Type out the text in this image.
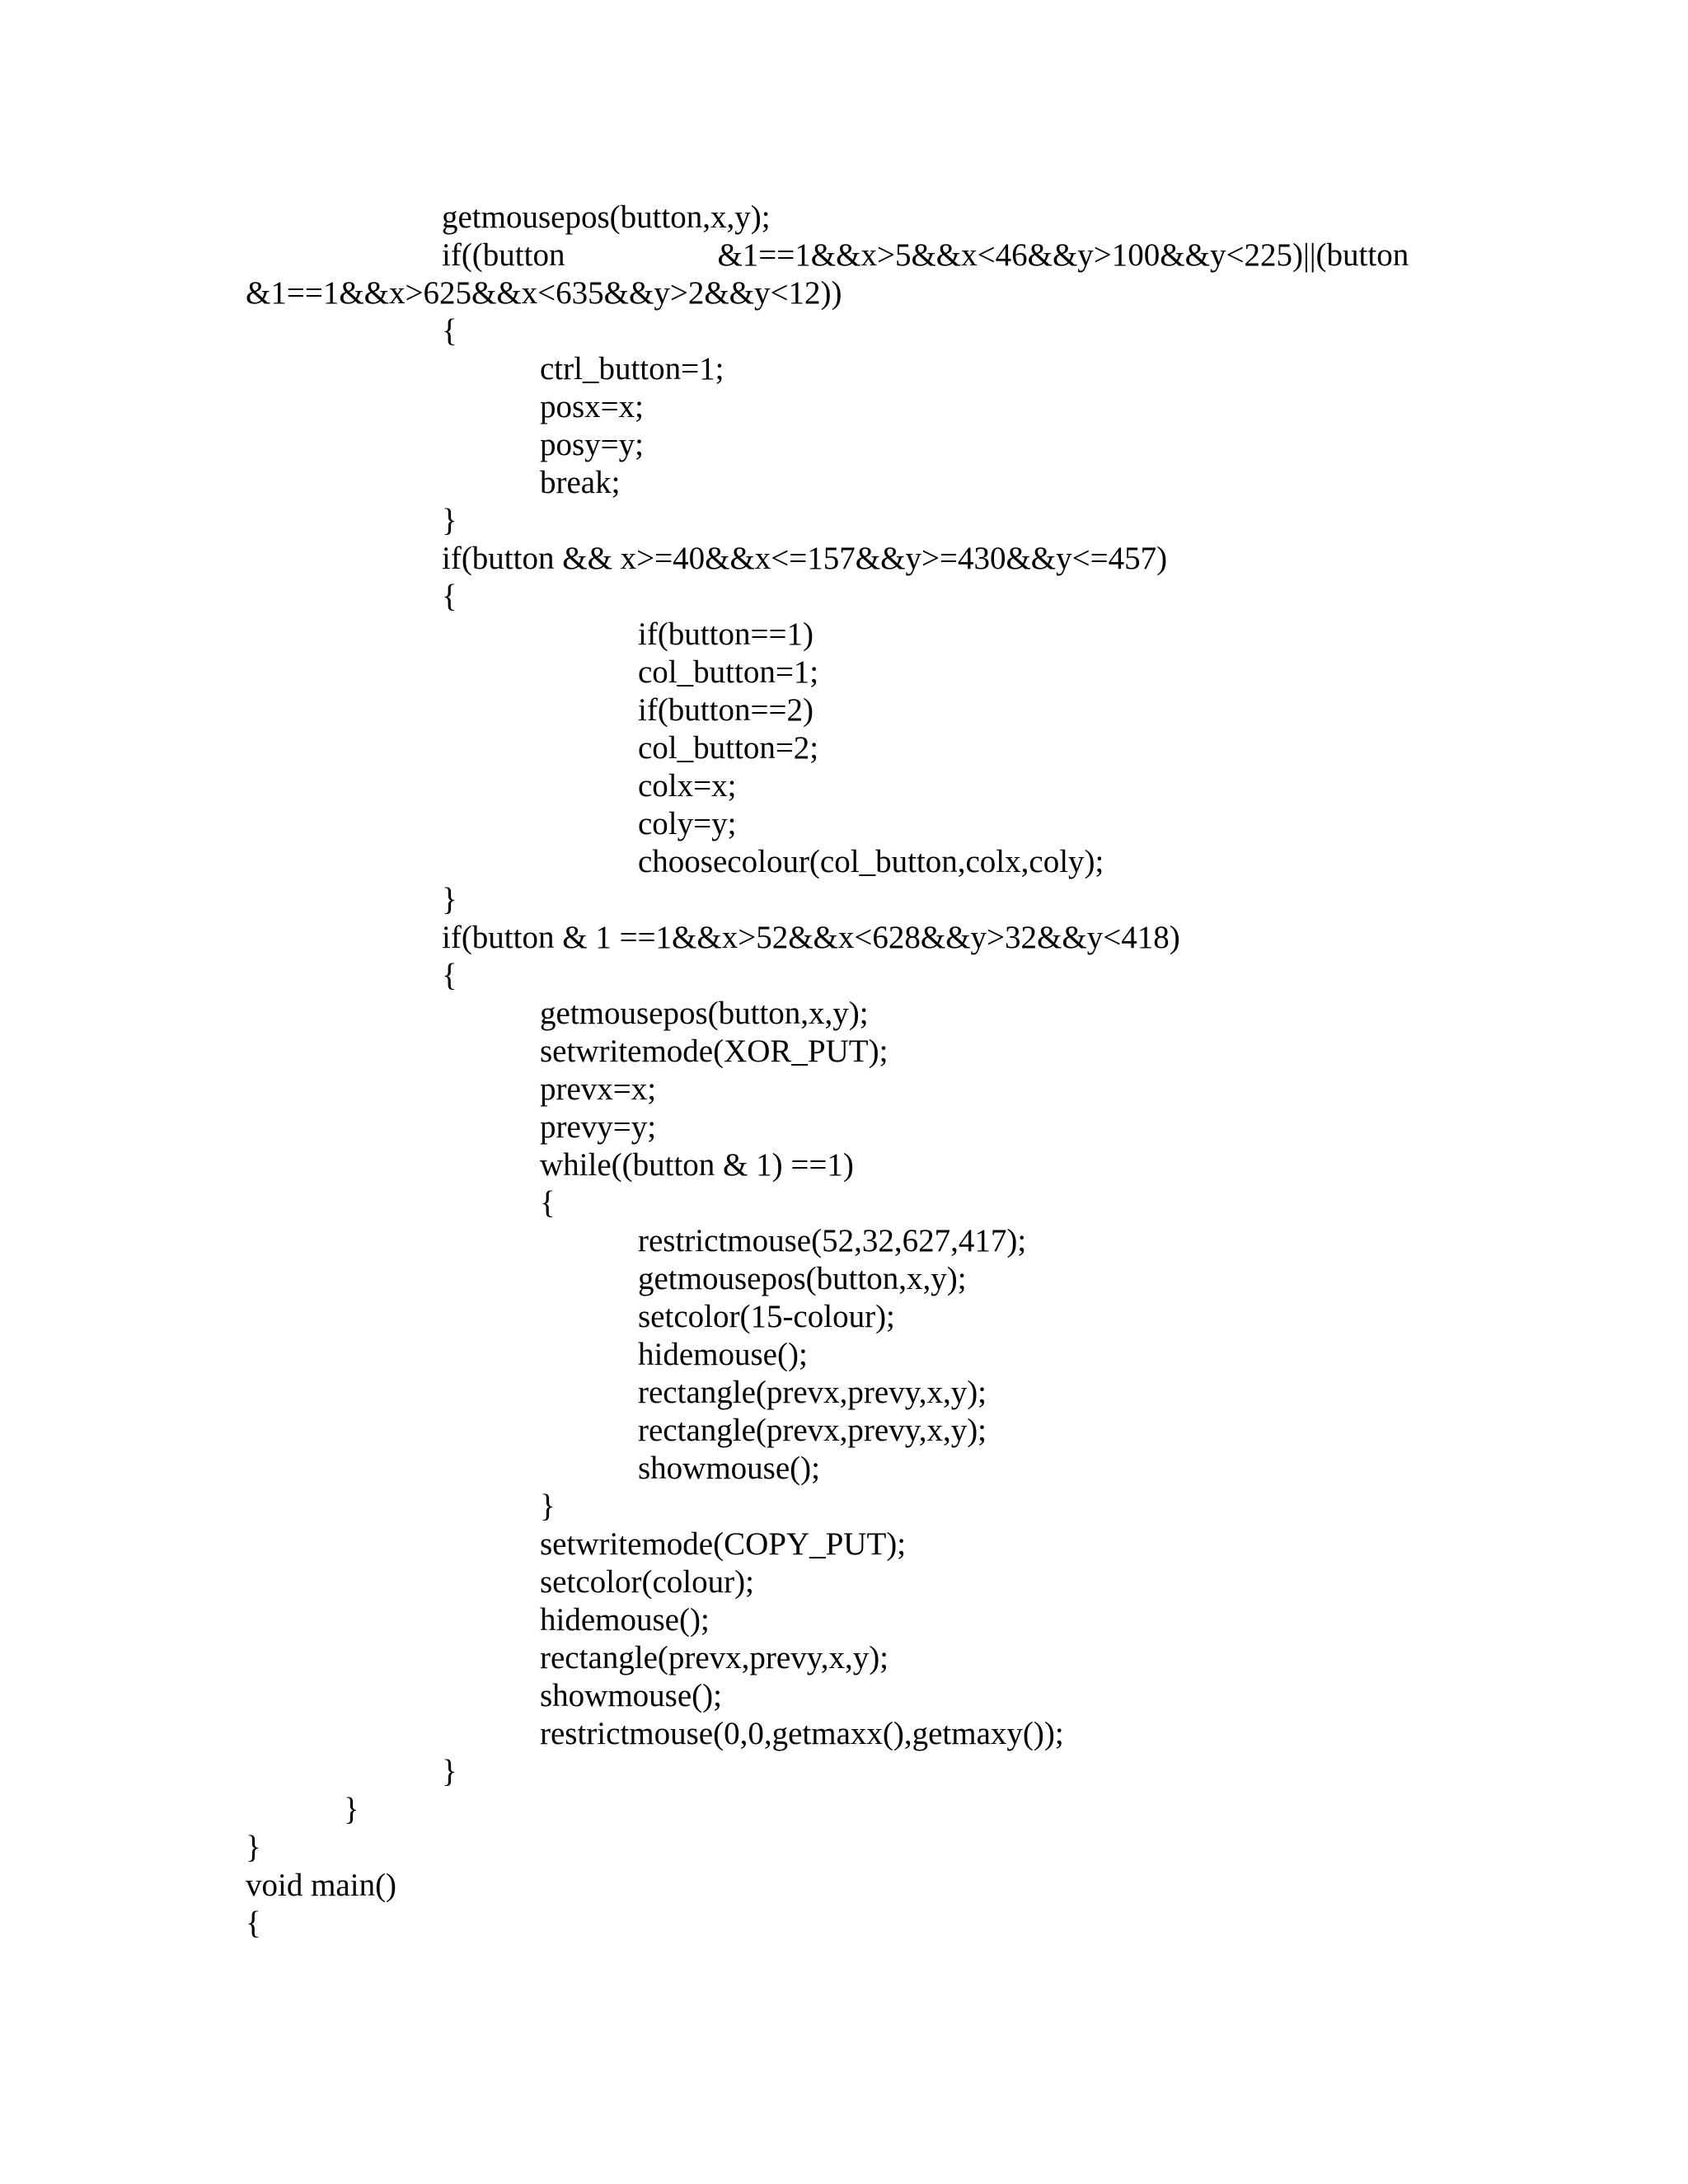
getmousepos(button,x,y);
if((button	&1==1&&x>5&&x<46&&y>100&&y<225)||(button
&1==1&&x>625&&x<635&&y>2&&y<12))
{
ctrl_button=1;
posx=x;
posy=y;
break;
}
if(button && x>=40&&x<=157&&y>=430&&y<=457)
{
if(button==1)
col_button=1;
if(button==2)
col_button=2;
colx=x;
coly=y;
choosecolour(col_button,colx,coly);
}
if(button & 1 ==1&&x>52&&x<628&&y>32&&y<418)
{
getmousepos(button,x,y);
setwritemode(XOR_PUT);
prevx=x;
prevy=y;
while((button & 1) ==1)
{
restrictmouse(52,32,627,417);
getmousepos(button,x,y);
setcolor(15-colour);
hidemouse();
rectangle(prevx,prevy,x,y);
rectangle(prevx,prevy,x,y);
showmouse();
}
setwritemode(COPY_PUT);
setcolor(colour);
hidemouse();
rectangle(prevx,prevy,x,y);
showmouse();
restrictmouse(0,0,getmaxx(),getmaxy());
}
}
}
void main()
{
